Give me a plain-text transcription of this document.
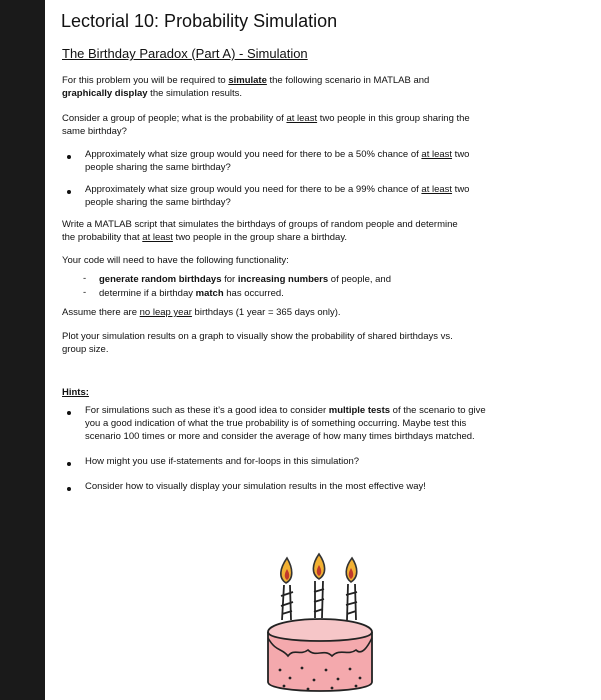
Lectorial 10: Probability Simulation
The Birthday Paradox (Part A) - Simulation
For this problem you will be required to simulate the following scenario in MATLAB and
graphically display the simulation results.
Consider a group of people; what is the probability of at least two people in this group sharing the
same birthday?
Approximately what size group would you need for there to be a 50% chance of at least two
people sharing the same birthday?
Approximately what size group would you need for there to be a 99% chance of at least two
people sharing the same birthday?
Write a MATLAB script that simulates the birthdays of groups of random people and determine
the probability that at least two people in the group share a birthday.
Your code will need to have the following functionality:
- generate random birthdays for increasing numbers of people, and
- determine if a birthday match has occurred.
Assume there are no leap year birthdays (1 year = 365 days only).
Plot your simulation results on a graph to visually show the probability of shared birthdays vs.
group size.
Hints:
For simulations such as these it’s a good idea to consider multiple tests of the scenario to give
you a good indication of what the true probability is of something occurring. Maybe test this
scenario 100 times or more and consider the average of how many times birthdays matched.
How might you use if-statements and for-loops in this simulation?
Consider how to visually display your simulation results in the most effective way!
